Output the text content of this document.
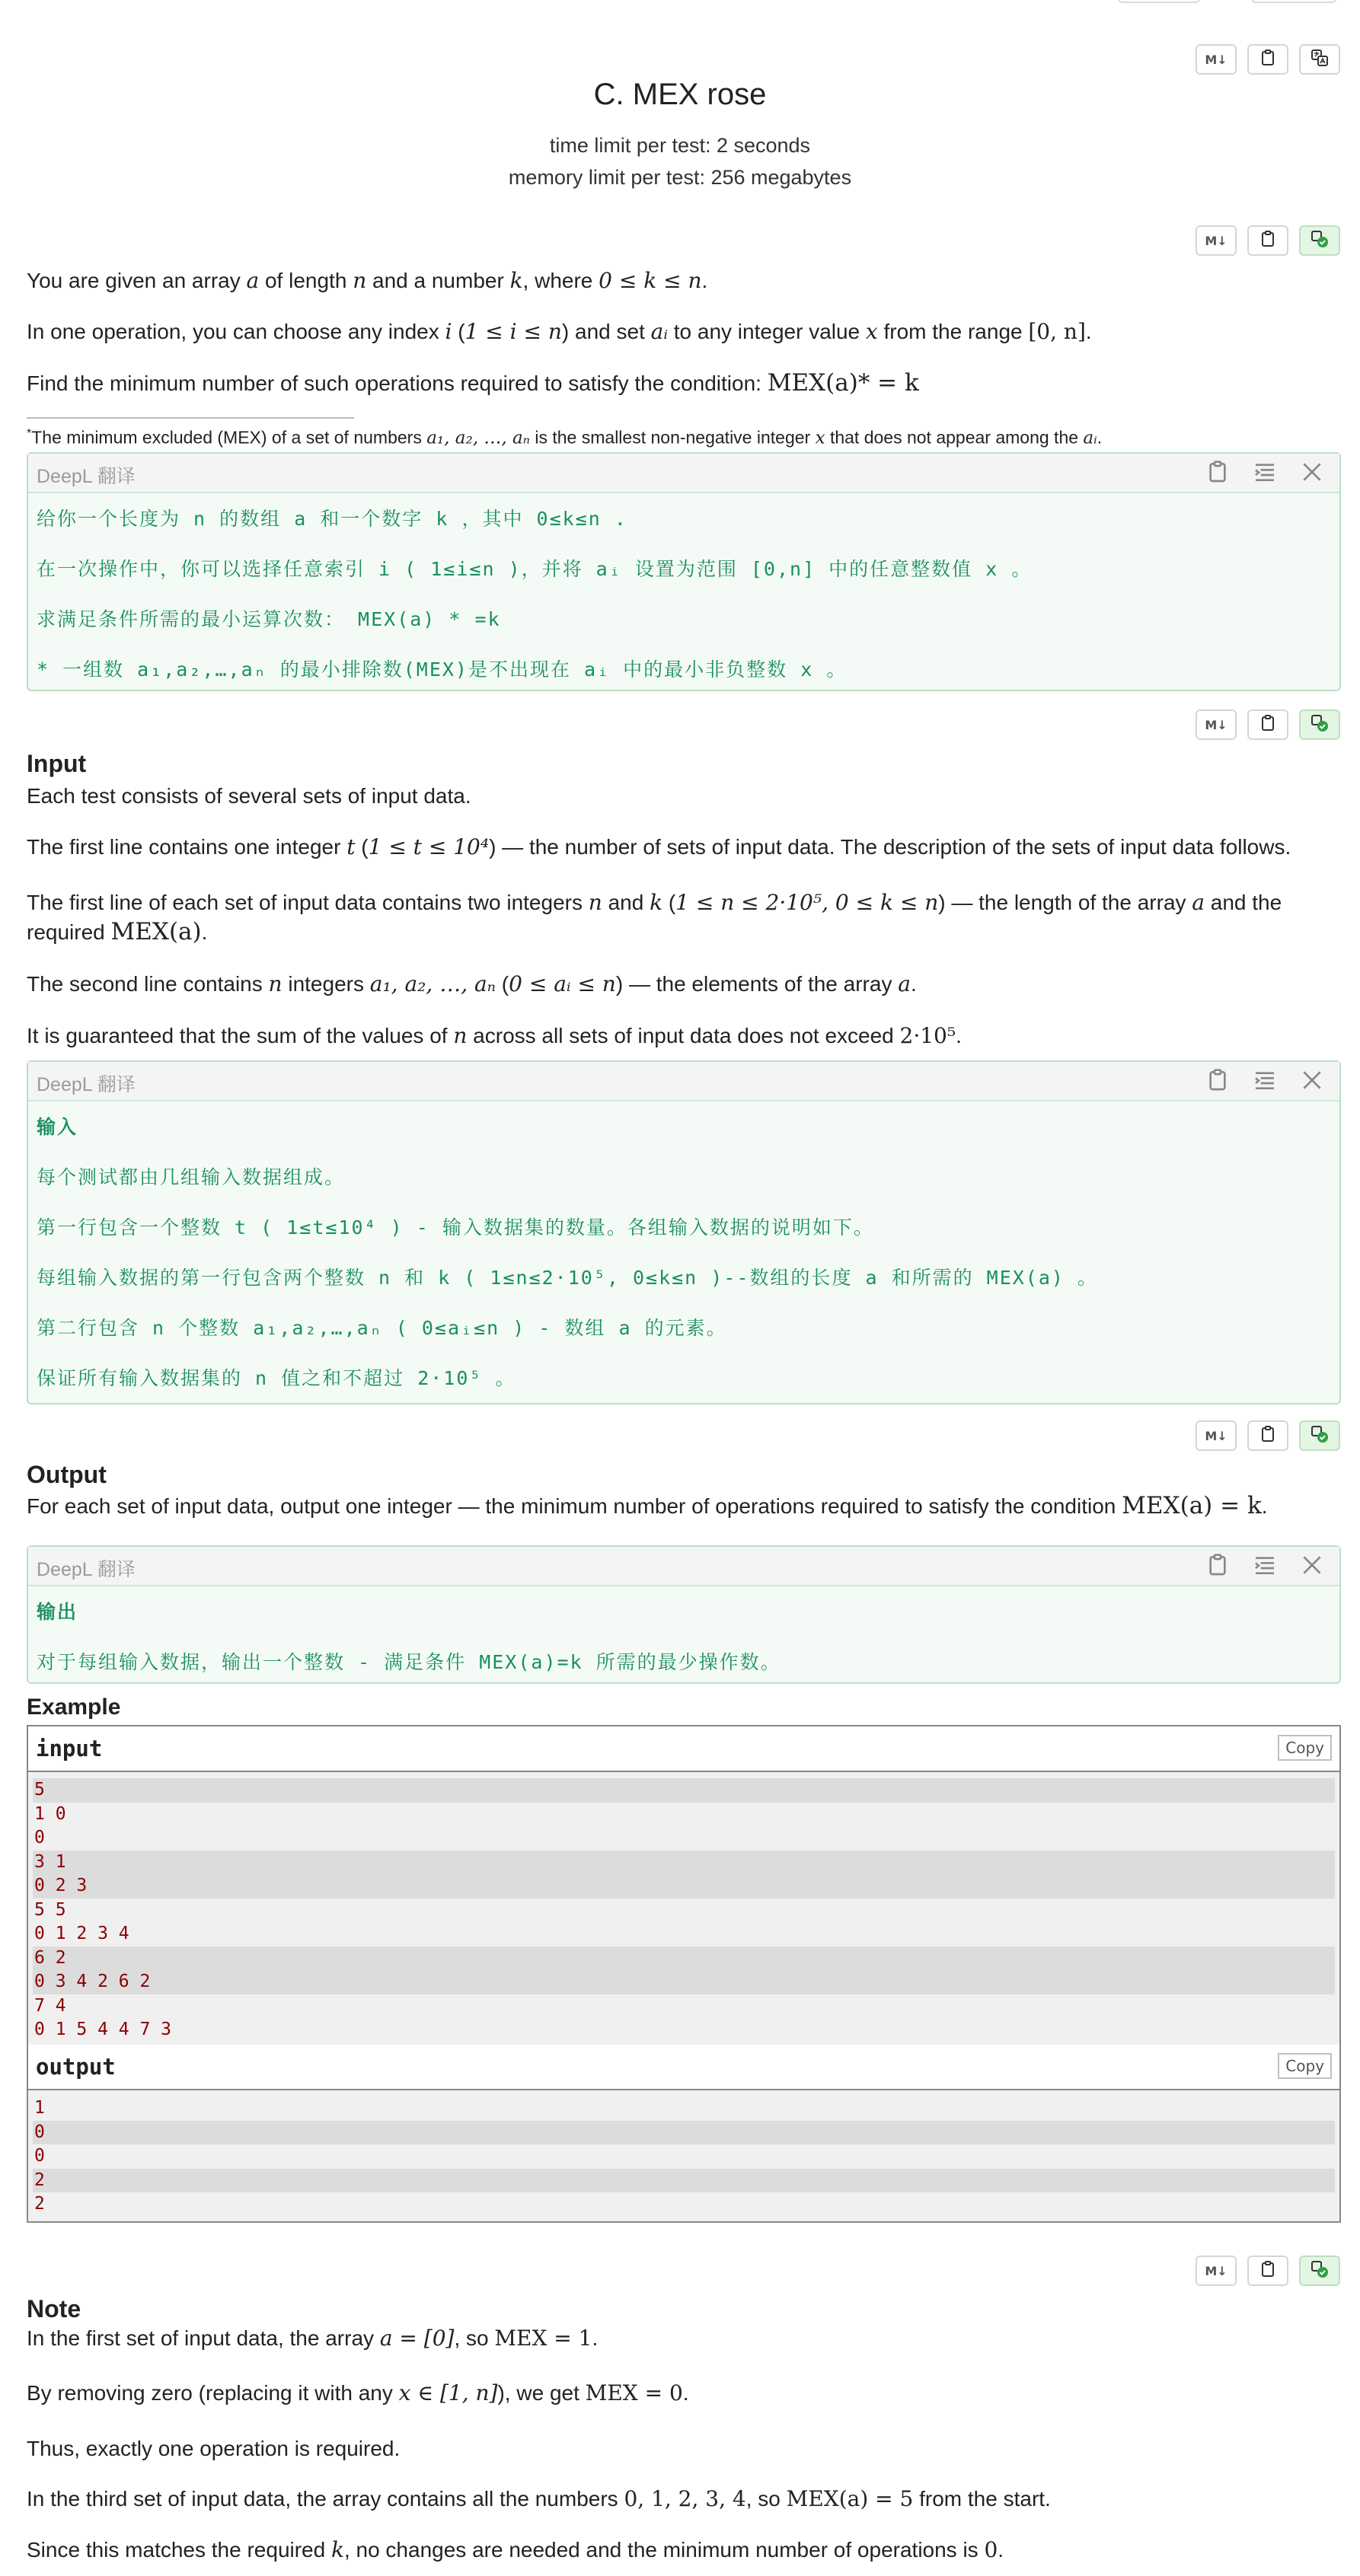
M↓
C. MEX rose
time limit per test: 2 seconds
memory limit per test: 256 megabytes
M↓
You are given an array a of length n and a number k, where 0 ≤ k ≤ n.
In one operation, you can choose any index i (1 ≤ i ≤ n) and set aᵢ to any integer value x from the range [0, n].
Find the minimum number of such operations required to satisfy the condition: MEX(a)* = k
*The minimum excluded (MEX) of a set of numbers a₁, a₂, …, aₙ is the smallest non-negative integer x that does not appear among the aᵢ.
DeepL 翻译
给你一个长度为 n 的数组 a 和一个数字 k ，其中 0≤k≤n .
在一次操作中，你可以选择任意索引 i ( 1≤i≤n )，并将 aᵢ 设置为范围 [0,n] 中的任意整数值 x 。
求满足条件所需的最小运算次数： MEX(a) * =k
* 一组数 a₁,a₂,…,aₙ 的最小排除数(MEX)是不出现在 aᵢ 中的最小非负整数 x 。
M↓
Input
Each test consists of several sets of input data.
The first line contains one integer t (1 ≤ t ≤ 10⁴) — the number of sets of input data. The description of the sets of input data follows.
The first line of each set of input data contains two integers n and k (1 ≤ n ≤ 2·10⁵, 0 ≤ k ≤ n) — the length of the array a and the
required MEX(a).
The second line contains n integers a₁, a₂, …, aₙ (0 ≤ aᵢ ≤ n) — the elements of the array a.
It is guaranteed that the sum of the values of n across all sets of input data does not exceed 2·10⁵.
DeepL 翻译
输入
每个测试都由几组输入数据组成。
第一行包含一个整数 t ( 1≤t≤10⁴ ) - 输入数据集的数量。各组输入数据的说明如下。
每组输入数据的第一行包含两个整数 n 和 k ( 1≤n≤2·10⁵, 0≤k≤n )--数组的长度 a 和所需的 MEX(a) 。
第二行包含 n 个整数 a₁,a₂,…,aₙ ( 0≤aᵢ≤n ) - 数组 a 的元素。
保证所有输入数据集的 n 值之和不超过 2·10⁵ 。
M↓
Output
For each set of input data, output one integer — the minimum number of operations required to satisfy the condition MEX(a) = k.
DeepL 翻译
输出
对于每组输入数据，输出一个整数 - 满足条件 MEX(a)=k 所需的最少操作数。
Example
input	Copy
5
1 0
0
3 1
0 2 3
5 5
0 1 2 3 4
6 2
0 3 4 2 6 2
7 4
0 1 5 4 4 7 3
output	Copy
1
0
0
2
2
M↓
Note
In the first set of input data, the array a = [0], so MEX = 1.
By removing zero (replacing it with any x ∈ [1, n]), we get MEX = 0.
Thus, exactly one operation is required.
In the third set of input data, the array contains all the numbers 0, 1, 2, 3, 4, so MEX(a) = 5 from the start.
Since this matches the required k, no changes are needed and the minimum number of operations is 0.
